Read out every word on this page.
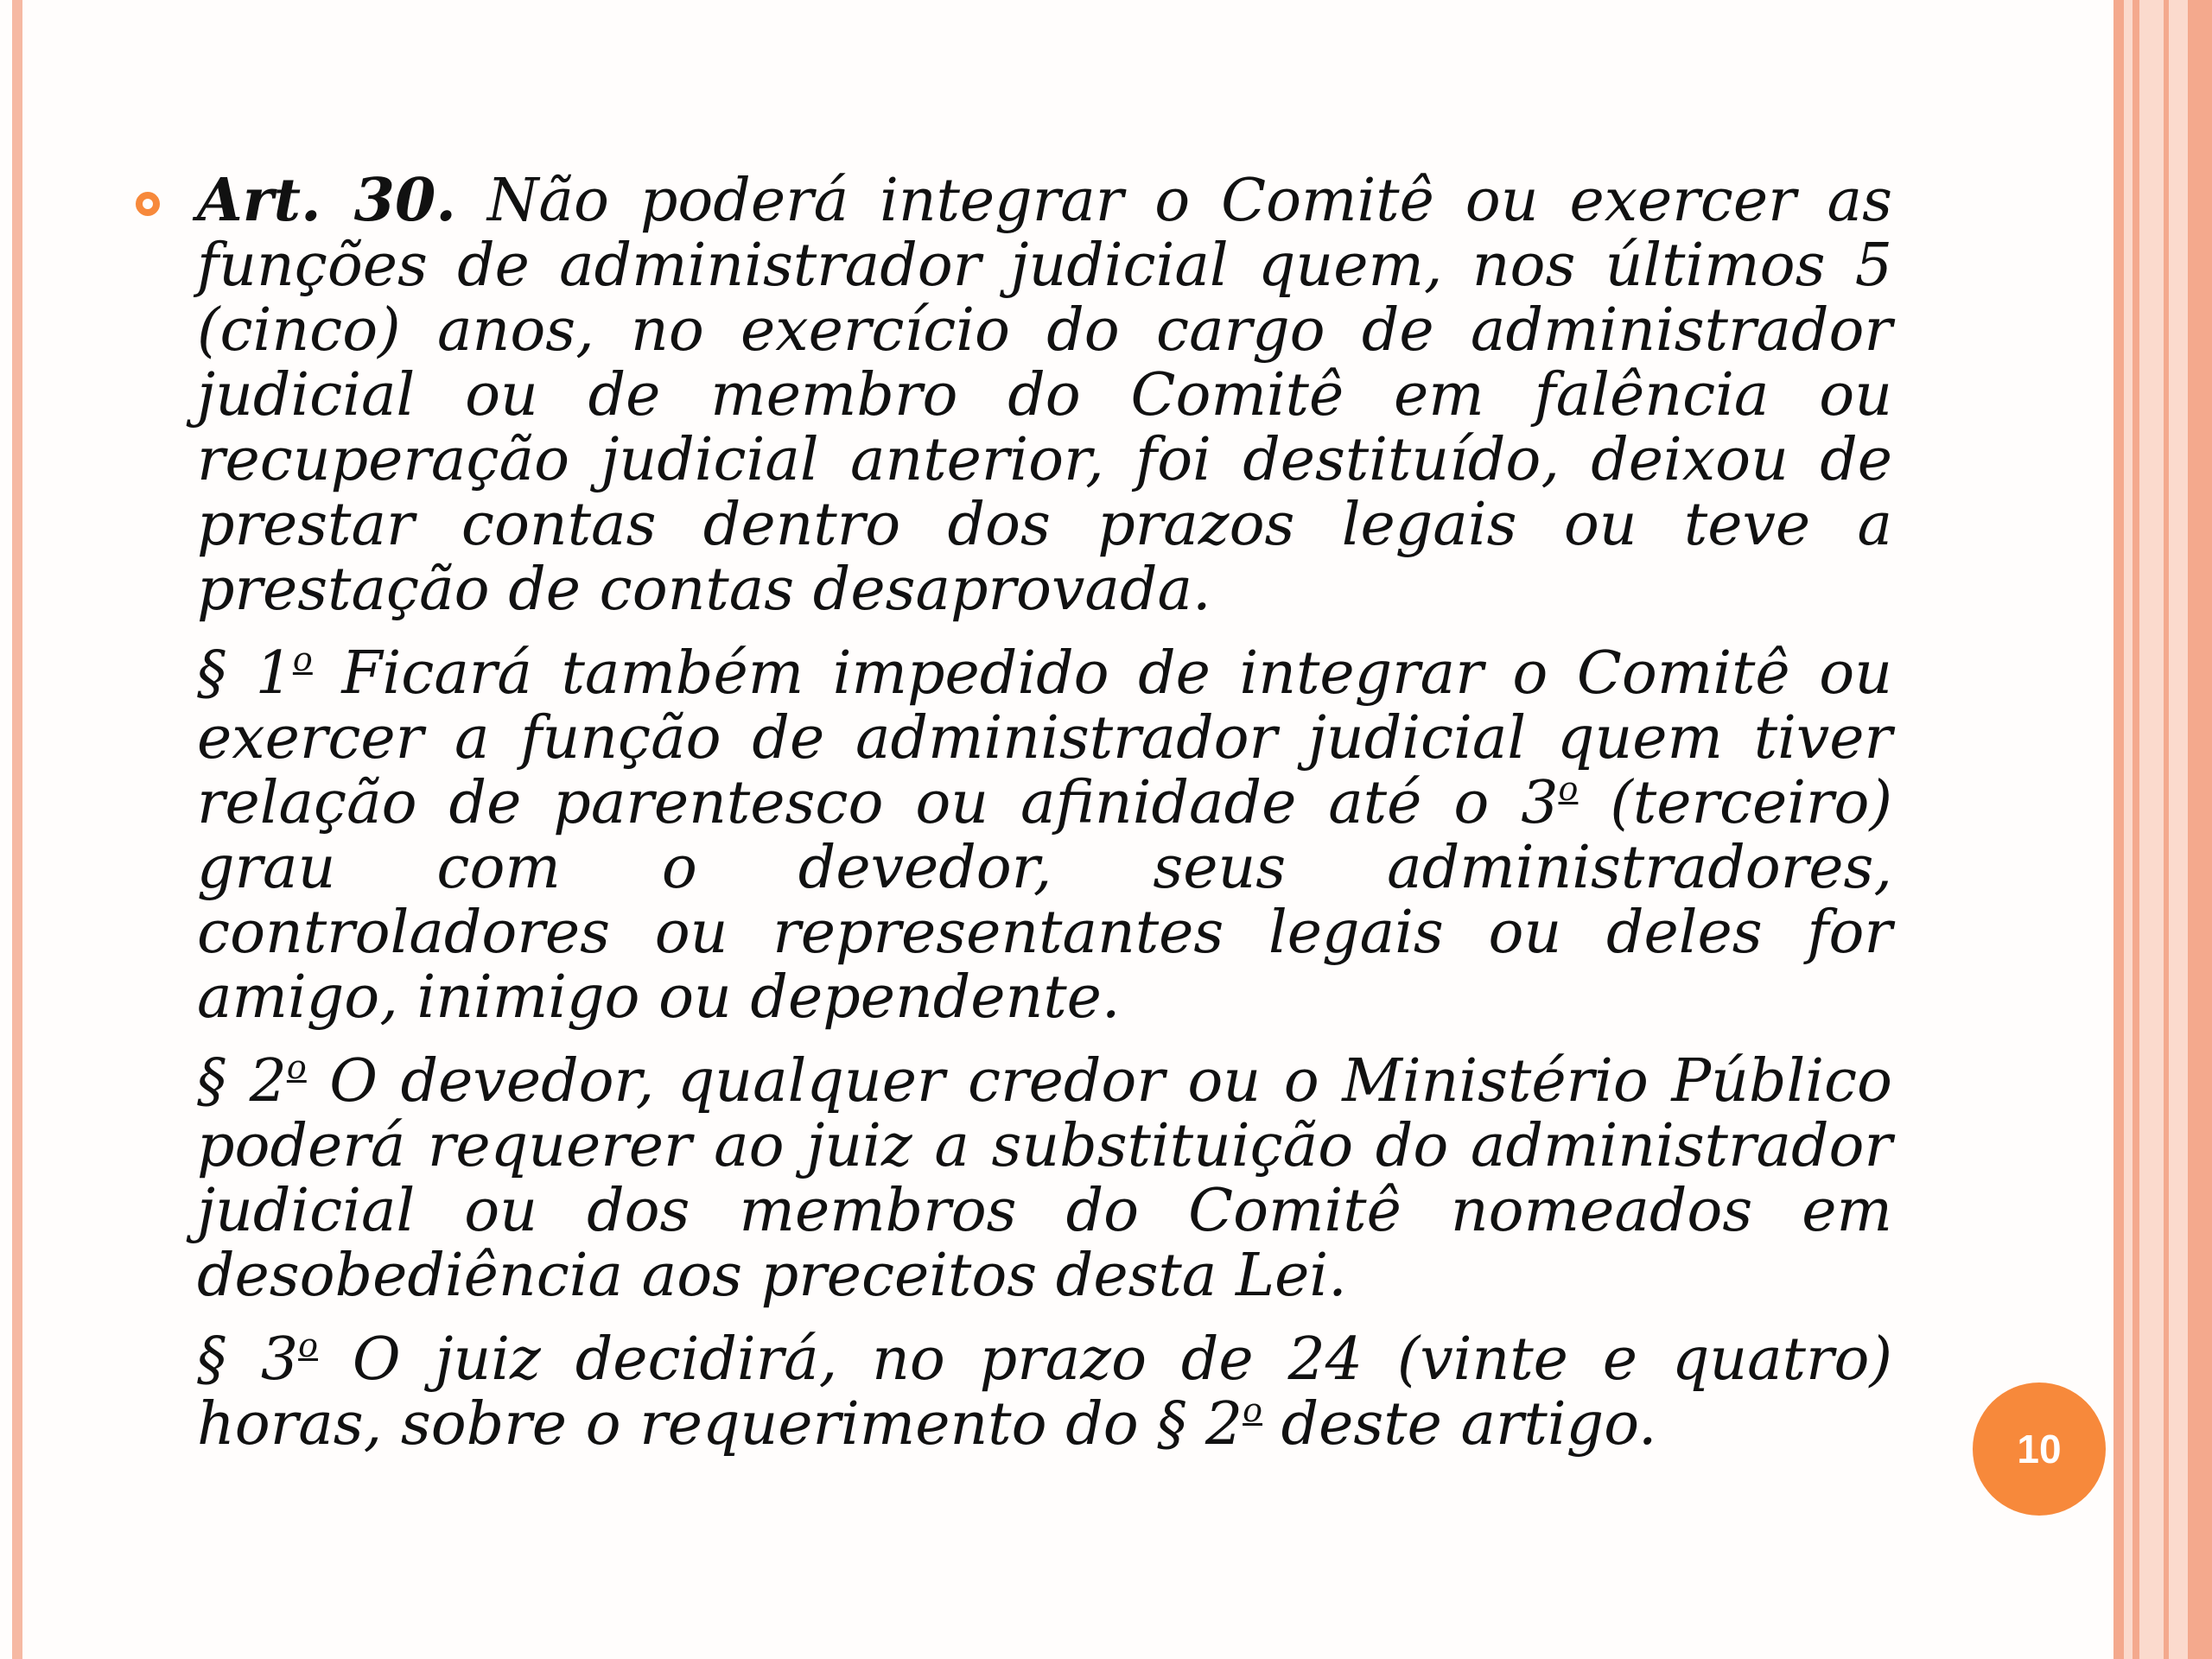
Art. 30. Não poderá integrar o Comitê ou exercer as funções de administrador judicial quem, nos últimos 5 (cinco) anos, no exercício do cargo de administrador judicial ou de membro do Comitê em falência ou recuperação judicial anterior, foi destituído, deixou de prestar contas dentro dos prazos legais ou teve a prestação de contas desaprovada.

§ 1$^o$ Ficará também impedido de integrar o Comitê ou exercer a função de administrador judicial quem tiver relação de parentesco ou afinidade até o 3$^o$ (terceiro) grau com o devedor, seus administradores, controladores ou representantes legais ou deles for amigo, inimigo ou dependente.

§ 2$^o$ O devedor, qualquer credor ou o Ministério Público poderá requerer ao juiz a substituição do administrador judicial ou dos membros do Comitê nomeados em desobediência aos preceitos desta Lei.

§ 3$^o$ O juiz decidirá, no prazo de 24 (vinte e quatro) horas, sobre o requerimento do § 2$^o$ deste artigo.	10
